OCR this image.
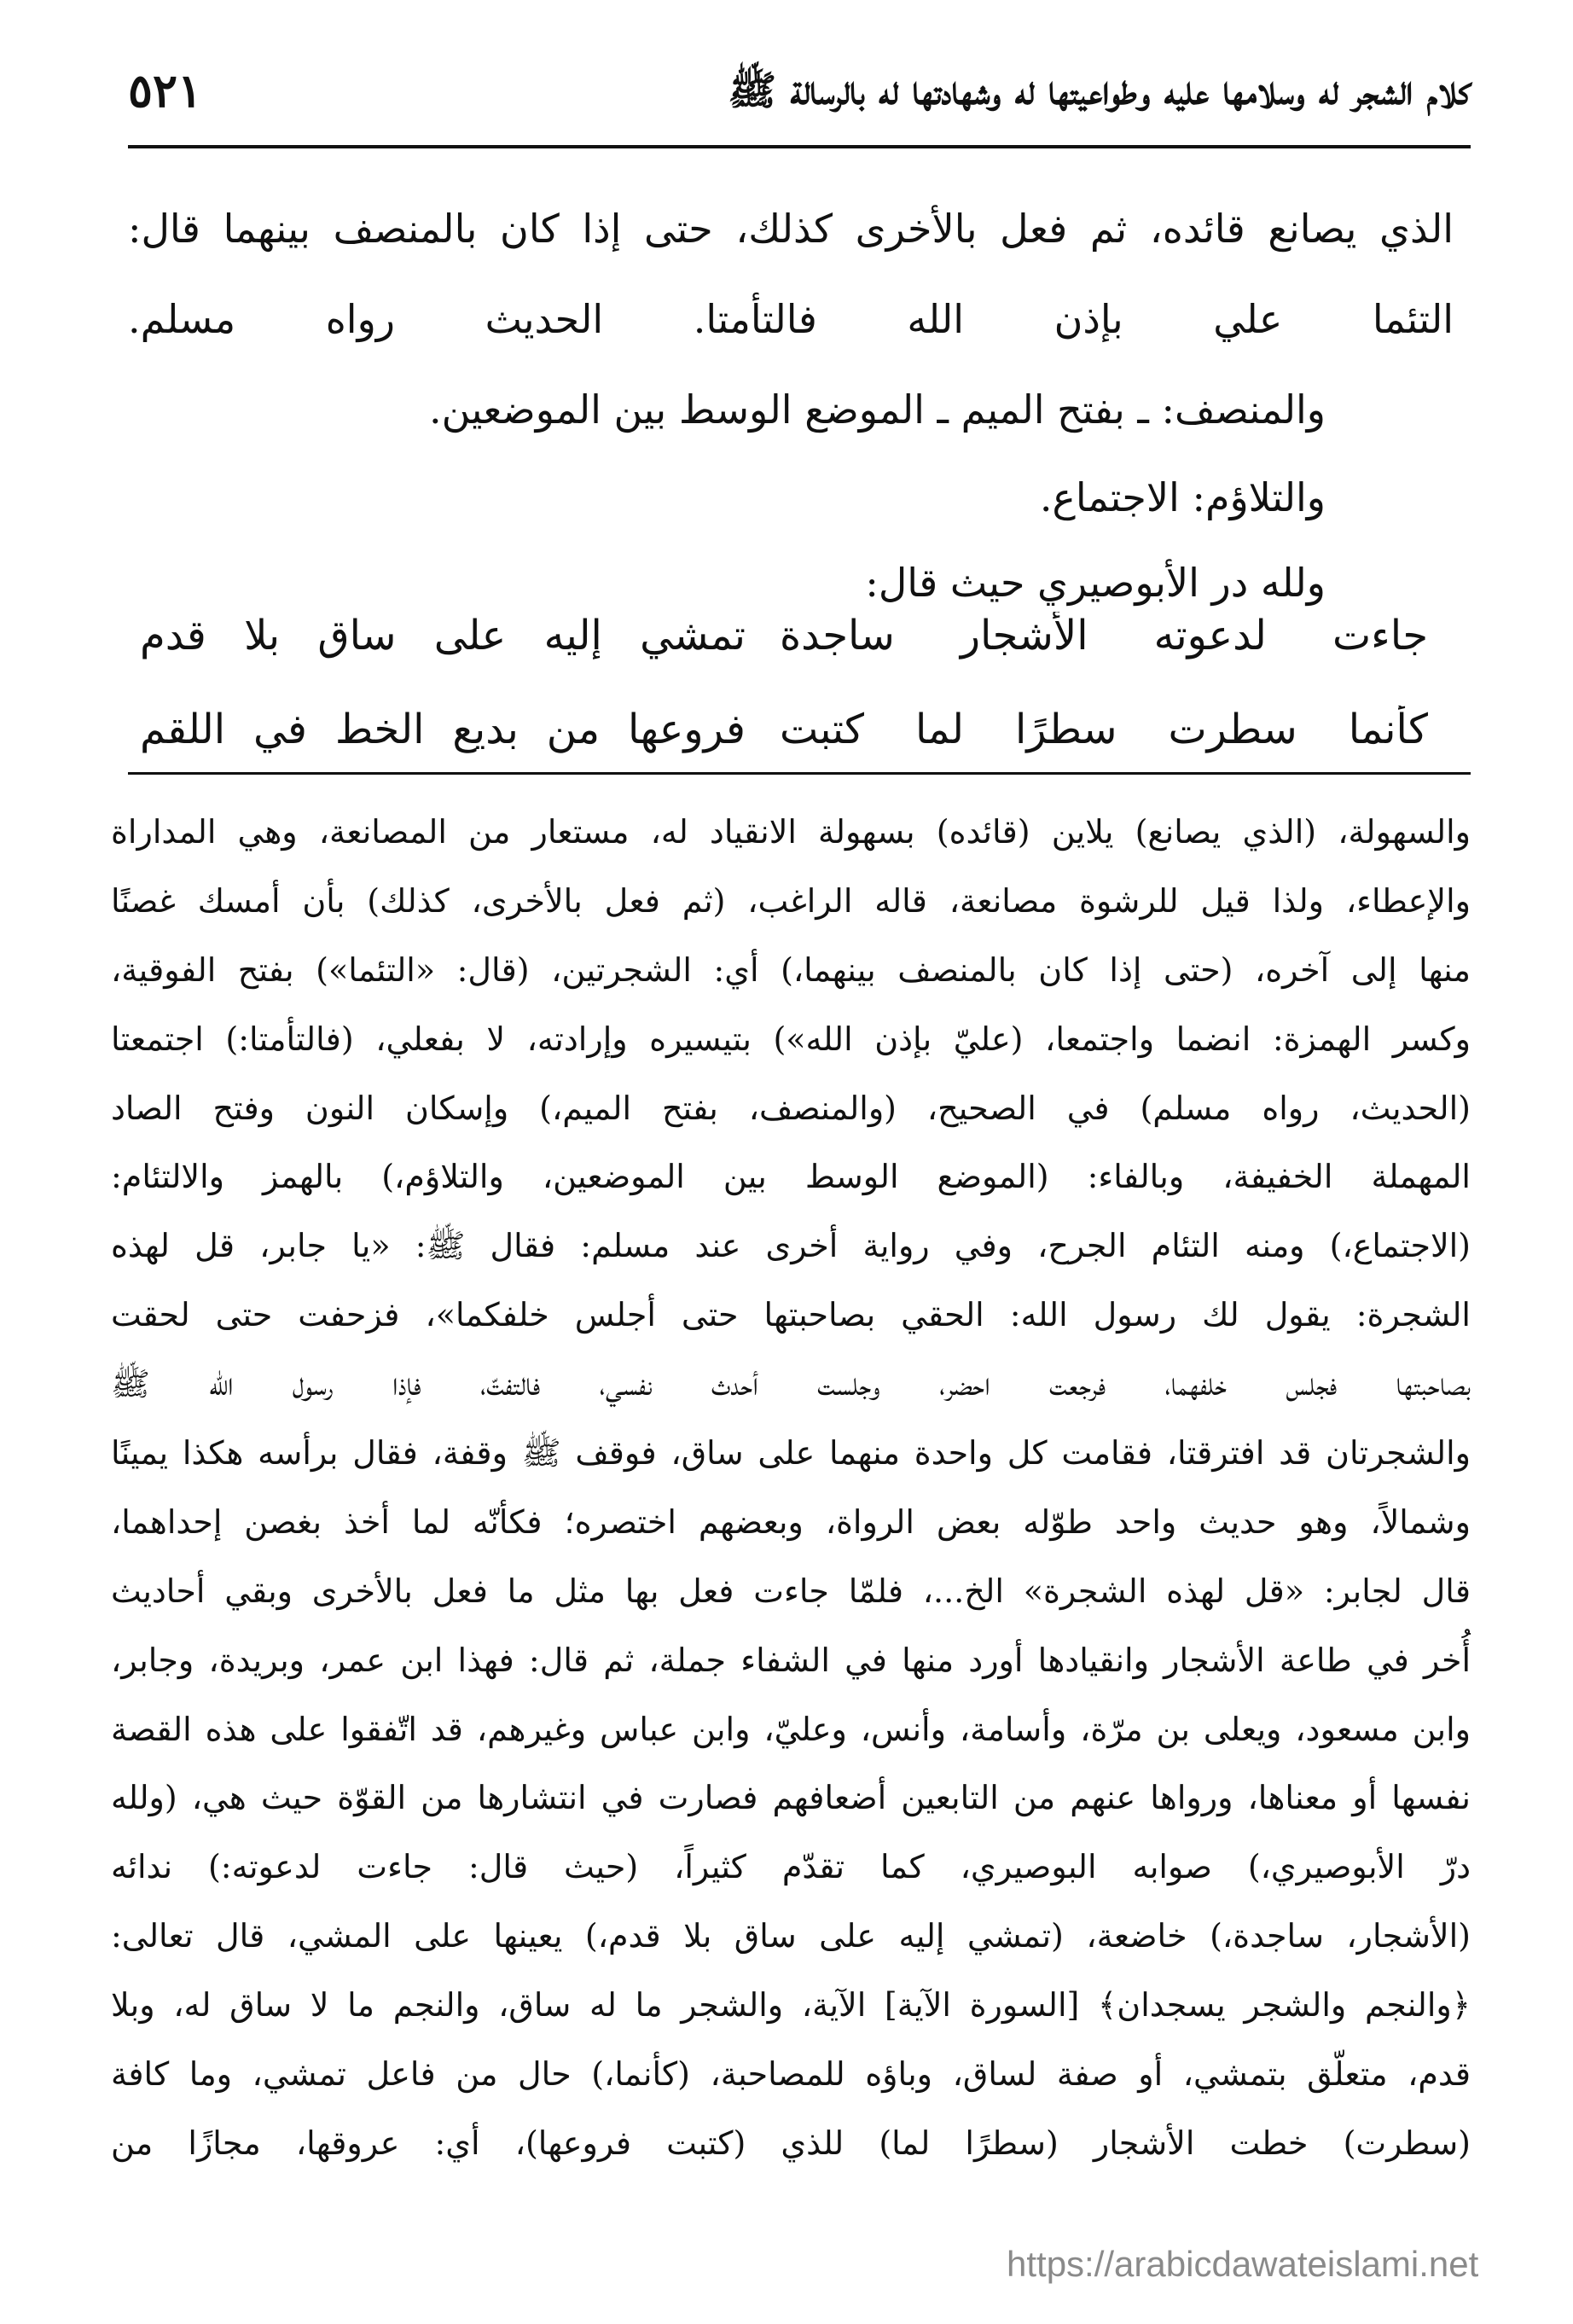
كلام الشجر له وسلامها عليه وطواعيتها له وشهادتها له بالرسالة ﷺ
٥٢١
الذي يصانع قائده، ثم فعل بالأخرى كذلك، حتى إذا كان بالمنصف بينهما قال:
التئما علي بإذن الله فالتأمتا. الحديث رواه مسلم.
والمنصف: ـ بفتح الميم ـ الموضع الوسط بين الموضعين.
والتلاؤم: الاجتماع.
ولله در الأبوصيري حيث قال:
جاءت لدعوته الأشجار ساجدة
تمشي إليه على ساق بلا قدم
كأنما سطرت سطرًا لما كتبت
فروعها من بديع الخط في اللقم
والسهولة، (الذي يصانع) يلاين (قائده) بسهولة الانقياد له، مستعار من المصانعة، وهي المداراة
والإعطاء، ولذا قيل للرشوة مصانعة، قاله الراغب، (ثم فعل بالأخرى، كذلك) بأن أمسك غصنًا
منها إلى آخره، (حتى إذا كان بالمنصف بينهما،) أي: الشجرتين، (قال: «التئما») بفتح الفوقية،
وكسر الهمزة: انضما واجتمعا، (عليّ بإذن الله») بتيسيره وإرادته، لا بفعلي، (فالتأمتا:) اجتمعتا
(الحديث، رواه مسلم) في الصحيح، (والمنصف، بفتح الميم،) وإسكان النون وفتح الصاد
المهملة الخفيفة، وبالفاء: (الموضع الوسط بين الموضعين، والتلاؤم،) بالهمز والالتئام:
(الاجتماع،) ومنه التئام الجرح، وفي رواية أخرى عند مسلم: فقال ﷺ: «يا جابر، قل لهذه
الشجرة: يقول لك رسول الله: الحقي بصاحبتها حتى أجلس خلفكما»، فزحفت حتى لحقت
بصاحبتها فجلس خلفهما، فرجعت احضر، وجلست أحدث نفسي، فالتفتّ، فإذا رسول الله ﷺ
والشجرتان قد افترقتا، فقامت كل واحدة منهما على ساق، فوقف ﷺ وقفة، فقال برأسه هكذا يمينًا
وشمالاً، وهو حديث واحد طوّله بعض الرواة، وبعضهم اختصره؛ فكأنّه لما أخذ بغصن إحداهما،
قال لجابر: «قل لهذه الشجرة» الخ...، فلمّا جاءت فعل بها مثل ما فعل بالأخرى وبقي أحاديث
أُخر في طاعة الأشجار وانقيادها أورد منها في الشفاء جملة، ثم قال: فهذا ابن عمر، وبريدة، وجابر،
وابن مسعود، ويعلى بن مرّة، وأسامة، وأنس، وعليّ، وابن عباس وغيرهم، قد اتّفقوا على هذه القصة
نفسها أو معناها، ورواها عنهم من التابعين أضعافهم فصارت في انتشارها من القوّة حيث هي، (ولله
درّ الأبوصيري،) صوابه البوصيري، كما تقدّم كثيراً، (حيث قال: جاءت لدعوته:) ندائه
(الأشجار، ساجدة،) خاضعة، (تمشي إليه على ساق بلا قدم،) يعينها على المشي، قال تعالى:
﴿والنجم والشجر يسجدان﴾ [السورة الآية] الآية، والشجر ما له ساق، والنجم ما لا ساق له، وبلا
قدم، متعلّق بتمشي، أو صفة لساق، وباؤه للمصاحبة، (كأنما،) حال من فاعل تمشي، وما كافة
(سطرت) خطت الأشجار (سطرًا لما) للذي (كتبت فروعها)، أي: عروقها، مجازًا من
https://arabicdawateislami.net
